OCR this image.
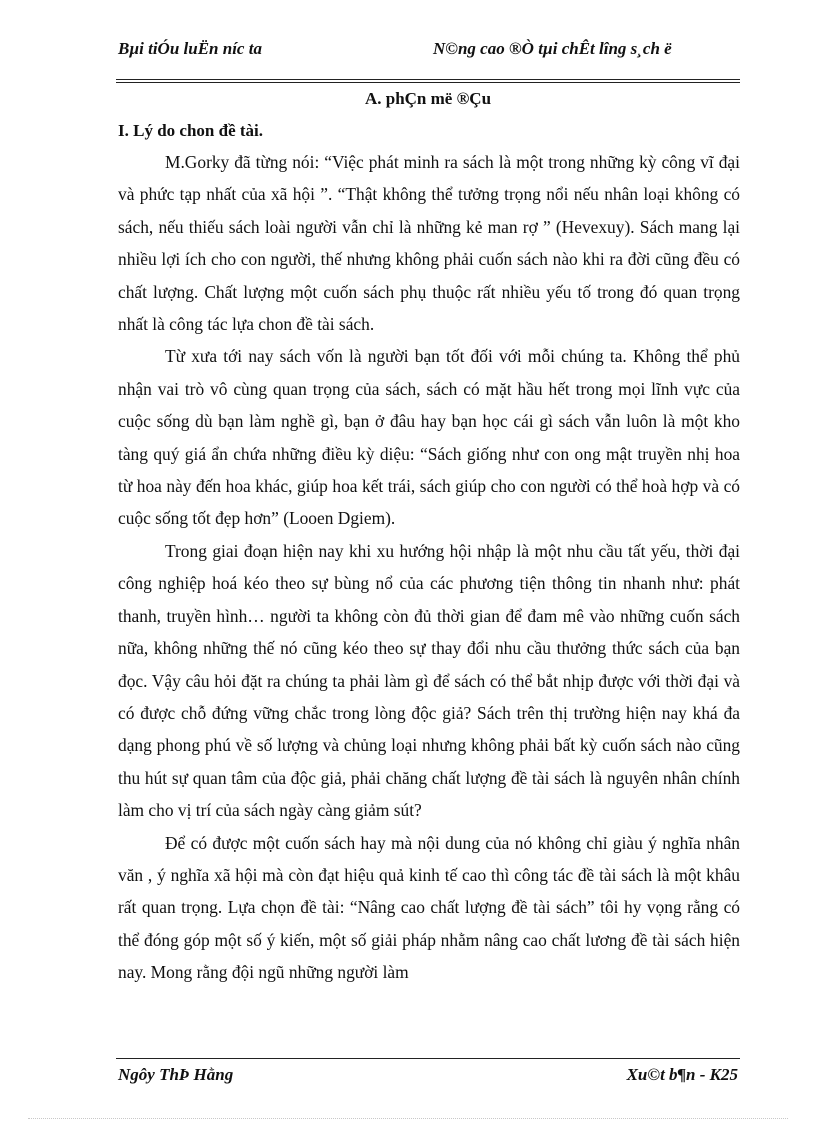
Bµi tiÓu luËn níc ta	N©ng cao ®Ò tµi chÊt lîng s¸ch ë
A. phÇn më ®Çu
I. Lý do chon đề tài.

M.Gorky đã từng nói: “Việc phát minh ra sách là một trong những kỳ công vĩ đại và phức tạp nhất của xã hội ”. “Thật không thể tưởng trọng nổi nếu nhân loại không có sách, nếu thiếu sách loài người vẫn chỉ là những kẻ man rợ ” (Hevexuy). Sách mang lại nhiều lợi ích cho con người, thế nhưng không phải cuốn sách nào khi ra đời cũng đều có chất lượng. Chất lượng một cuốn sách phụ thuộc rất nhiều yếu tố trong đó quan trọng nhất là công tác lựa chon đề tài sách.

Từ xưa tới nay sách vốn là người bạn tốt đối với mỗi chúng ta. Không thể phủ nhận vai trò vô cùng quan trọng của sách, sách có mặt hầu hết trong mọi lĩnh vực của cuộc sống dù bạn làm nghề gì, bạn ở đâu hay bạn học cái gì sách vẫn luôn là một kho tàng quý giá ẩn chứa những điều kỳ diệu: “Sách giống như con ong mật truyền nhị hoa từ hoa này đến hoa khác, giúp hoa kết trái, sách giúp cho con người có thể hoà hợp và có cuộc sống tốt đẹp hơn” (Looen Dgiem).

Trong giai đoạn hiện nay khi xu hướng hội nhập là một nhu cầu tất yếu, thời đại công nghiệp hoá kéo theo sự bùng nổ của các phương tiện thông tin nhanh như: phát thanh, truyền hình… người ta không còn đủ thời gian để đam mê vào những cuốn sách nữa, không những thế nó cũng kéo theo sự thay đổi nhu cầu thưởng thức sách của bạn đọc. Vậy câu hỏi đặt ra chúng ta phải làm gì để sách có thể bắt nhịp được với thời đại và có được chỗ đứng vững chắc trong lòng độc giả? Sách trên thị trường hiện nay khá đa dạng phong phú về số lượng và chủng loại nhưng không phải bất kỳ cuốn sách nào cũng thu hút sự quan tâm của độc giả, phải chăng chất lượng đề tài sách là nguyên nhân chính làm cho vị trí của sách ngày càng giảm sút?

Để có được một cuốn sách hay mà nội dung của nó không chỉ giàu ý nghĩa nhân văn , ý nghĩa xã hội mà còn đạt hiệu quả kinh tế cao thì công tác đề tài sách là một khâu rất quan trọng. Lựa chọn đề tài: “Nâng cao chất lượng đề tài sách” tôi hy vọng rằng có thể đóng góp một số ý kiến, một số giải pháp nhằm nâng cao chất lương đề tài sách hiện nay. Mong rằng đội ngũ những người làm

Ngôy ThÞ Hằng	Xu©t b¶n - K25
